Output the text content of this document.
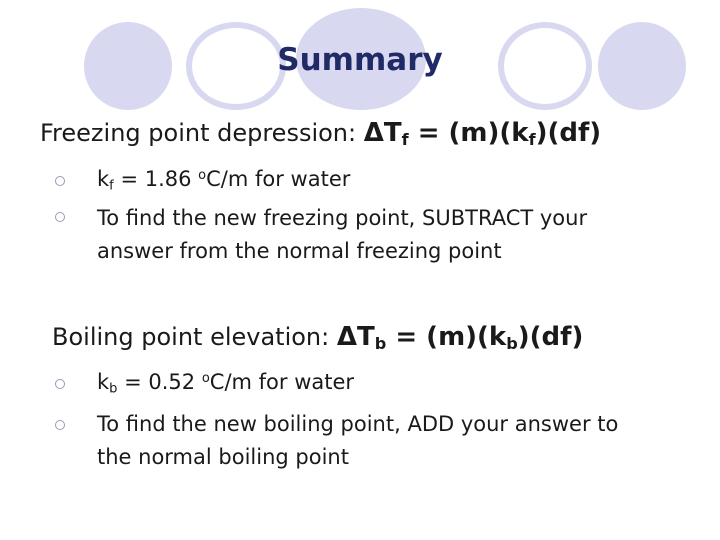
Summary
Freezing point depression: $\Delta T_f = (m)(k_f)(df)$
$k_f = 1.86$ $^o$C/m for water
To find the new freezing point, SUBTRACT your
answer from the normal freezing point
Boiling point elevation: $\Delta T_b = (m)(k_b)(df)$
$k_b = 0.52$ $^o$C/m for water
To find the new boiling point, ADD your answer to
the normal boiling point
